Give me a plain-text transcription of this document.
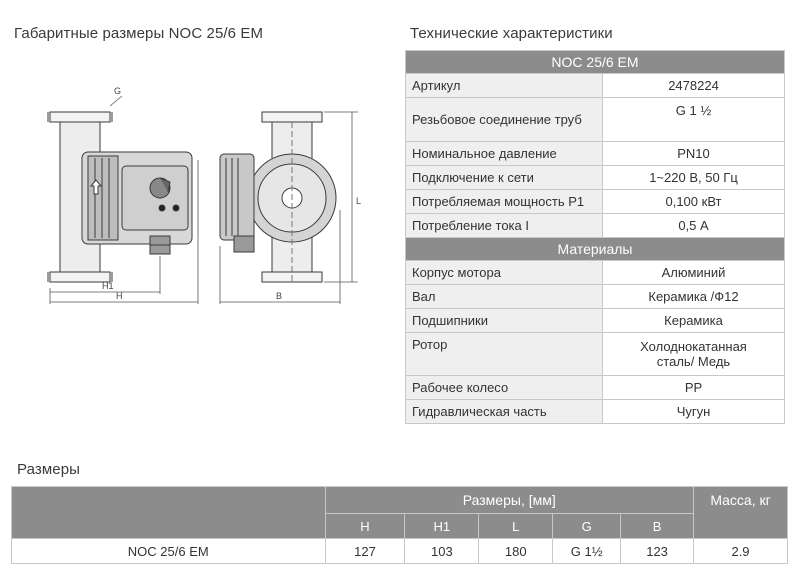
Габаритные размеры NOC 25/6 EM	Технические характеристики
G
H1
H
L
B
NOC 25/6 EM	
Артикул	2478224
Резьбовое соединение труб	G 1 ½
Номинальное давление	PN10
Подключение к сети	1~220 В, 50 Гц
Потребляемая мощность P1	0,100 кВт
Потребление тока I	0,5 А
Материалы	
Корпус мотора	Алюминий
Вал	Керамика /Ф12
Подшипники	Керамика
Ротор	Холоднокатанная сталь/ Медь
Рабочее колесо	PP
Гидравлическая часть	Чугун
Размеры
	Размеры, [мм]					Масса, кг
	H	H1	L	G	B	
NOC 25/6 EM	127	103	180	G 1½	123	2.9
